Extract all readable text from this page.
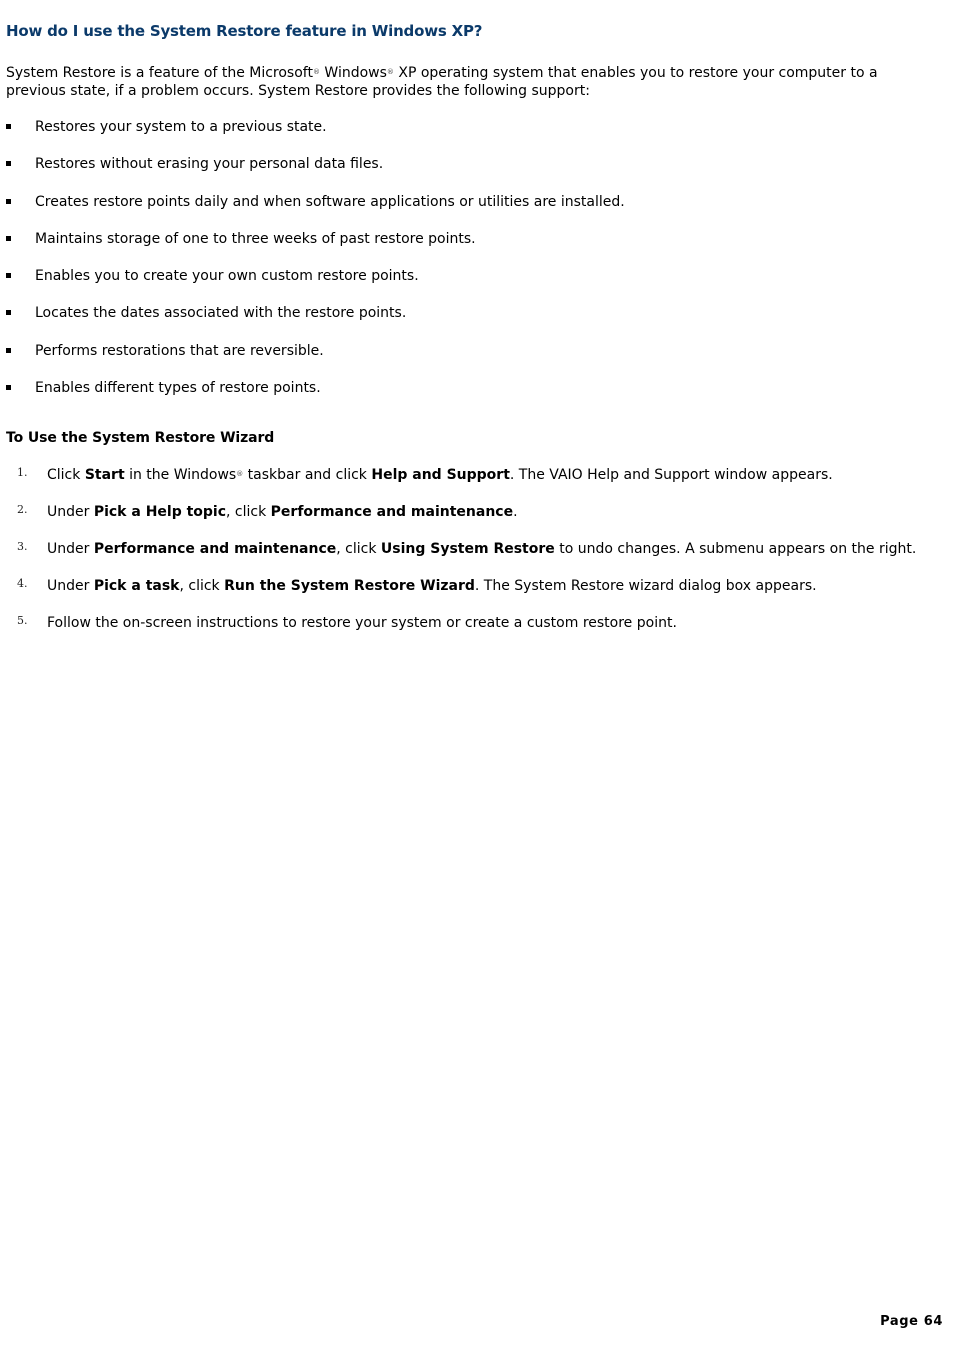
How do I use the System Restore feature in Windows XP?

System Restore is a feature of the Microsoft® Windows® XP operating system that enables you to restore your computer to a previous state, if a problem occurs. System Restore provides the following support:

Restores your system to a previous state.
Restores without erasing your personal data files.
Creates restore points daily and when software applications or utilities are installed.
Maintains storage of one to three weeks of past restore points.
Enables you to create your own custom restore points.
Locates the dates associated with the restore points.
Performs restorations that are reversible.
Enables different types of restore points.
To Use the System Restore Wizard
1. Click Start in the Windows® taskbar and click Help and Support. The VAIO Help and Support window appears.
2. Under Pick a Help topic, click Performance and maintenance.
3. Under Performance and maintenance, click Using System Restore to undo changes. A submenu appears on the right.
4. Under Pick a task, click Run the System Restore Wizard. The System Restore wizard dialog box appears.
5. Follow the on-screen instructions to restore your system or create a custom restore point.
Page 64
